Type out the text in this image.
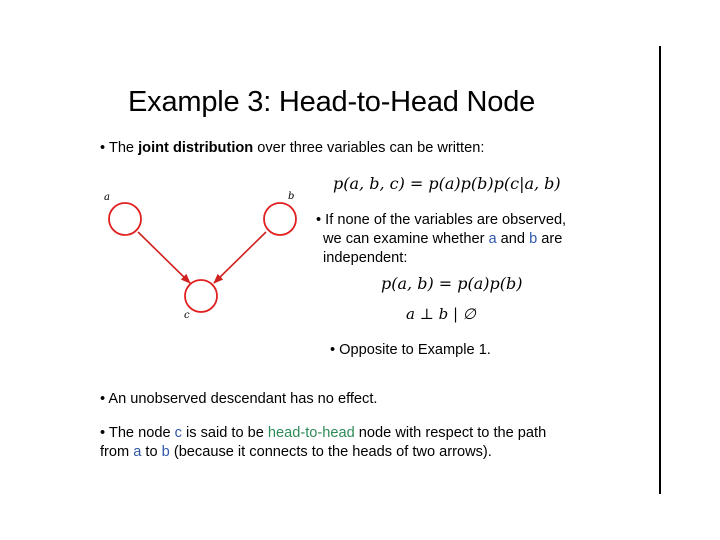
Example 3: Head-to-Head Node
• The joint distribution over three variables can be written:
p(a, b, c) = p(a)p(b)p(c|a, b)
a	b
c
• If none of the variables are observed,
we can examine whether a and b are
independent:
p(a, b) = p(a)p(b)
a ⊥ b | ∅
• Opposite to Example 1.
• An unobserved descendant has no effect.
• The node c is said to be head-to-head node with respect to the path
from a to b (because it connects to the heads of two arrows).
